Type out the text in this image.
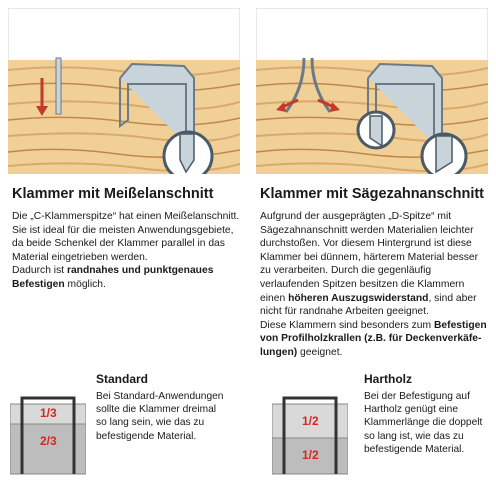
Klammer mit Meißelanschnitt

Die „C-Klammerspitze“ hat einen Meißelanschnitt. Sie ist ideal für die meisten Anwendungsgebiete, da beide Schenkel der Klammer parallel in das Material eingetrieben werden.

Dadurch ist randnahes und punktgenaues Befestigen möglich.

Klammer mit Sägezahnanschnitt

Aufgrund der ausgeprägten „D-Spitze“ mit Sägezahnanschnitt werden Materialien leichter durchstoßen. Vor diesem Hintergrund ist diese Klammer bei dünnem, härterem Material besser zu verarbeiten. Durch die gegenläufig verlaufenden Spitzen besitzen die Klammern einen höheren Auszugswiderstand, sind aber nicht für randnahe Arbeiten geeignet.

Diese Klammern sind besonders zum Befestigen von Profilholzkrallen (z.B. für Deckenverkäfelungen) geeignet.

1/3
2/3
Standard
Bei Standard-Anwendungen
sollte die Klammer dreimal
so lang sein, wie das zu
befestigende Material.
1/2
1/2
Hartholz
Bei der Befestigung auf
Hartholz genügt eine
Klammerlänge die doppelt
so lang ist, wie das zu
befestigende Material.
